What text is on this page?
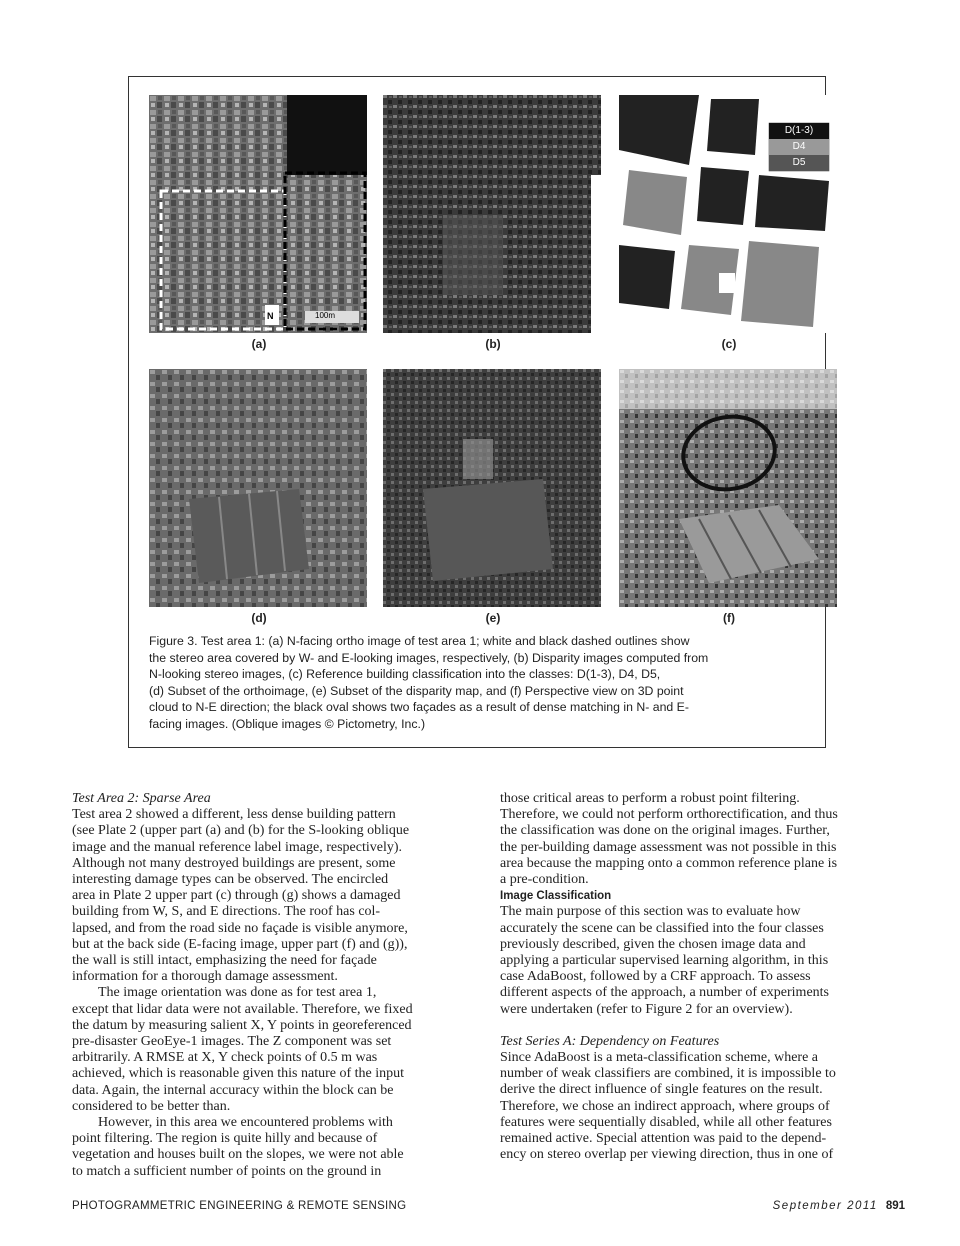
N	100m
(a)	(b)
D(1-3)
D4
D5
(c)
(d)	(e)	(f)
Figure 3. Test area 1: (a) N-facing ortho image of test area 1; white and black dashed outlines show
the stereo area covered by W- and E-looking images, respectively, (b) Disparity images computed from
N-looking stereo images, (c) Reference building classification into the classes: D(1-3), D4, D5,
(d) Subset of the orthoimage, (e) Subset of the disparity map, and (f) Perspective view on 3D point
cloud to N-E direction; the black oval shows two façades as a result of dense matching in N- and E-
facing images. (Oblique images © Pictometry, Inc.)

Test Area 2: Sparse Area

Test area 2 showed a different, less dense building pattern

(see Plate 2 (upper part (a) and (b) for the S-looking oblique

image and the manual reference label image, respectively).

Although not many destroyed buildings are present, some

interesting damage types can be observed. The encircled

area in Plate 2 upper part (c) through (g) shows a damaged

building from W, S, and E directions. The roof has col-

lapsed, and from the road side no façade is visible anymore,

but at the back side (E-facing image, upper part (f) and (g)),

the wall is still intact, emphasizing the need for façade

information for a thorough damage assessment.

The image orientation was done as for test area 1,

except that lidar data were not available. Therefore, we fixed

the datum by measuring salient X, Y points in georeferenced

pre-disaster GeoEye-1 images. The Z component was set

arbitrarily. A RMSE at X, Y check points of 0.5 m was

achieved, which is reasonable given this nature of the input

data. Again, the internal accuracy within the block can be

considered to be better than.

However, in this area we encountered problems with

point filtering. The region is quite hilly and because of

vegetation and houses built on the slopes, we were not able

to match a sufficient number of points on the ground in

those critical areas to perform a robust point filtering.

Therefore, we could not perform orthorectification, and thus

the classification was done on the original images. Further,

the per-building damage assessment was not possible in this

area because the mapping onto a common reference plane is

a pre-condition.

Image Classification

The main purpose of this section was to evaluate how

accurately the scene can be classified into the four classes

previously described, given the chosen image data and

applying a particular supervised learning algorithm, in this

case AdaBoost, followed by a CRF approach. To assess

different aspects of the approach, a number of experiments

were undertaken (refer to Figure 2 for an overview).

Test Series A: Dependency on Features

Since AdaBoost is a meta-classification scheme, where a

number of weak classifiers are combined, it is impossible to

derive the direct influence of single features on the result.

Therefore, we chose an indirect approach, where groups of

features were sequentially disabled, while all other features

remained active. Special attention was paid to the depend-

ency on stereo overlap per viewing direction, thus in one of

PHOTOGRAMMETRIC ENGINEERING & REMOTE SENSING	September 2011 891
